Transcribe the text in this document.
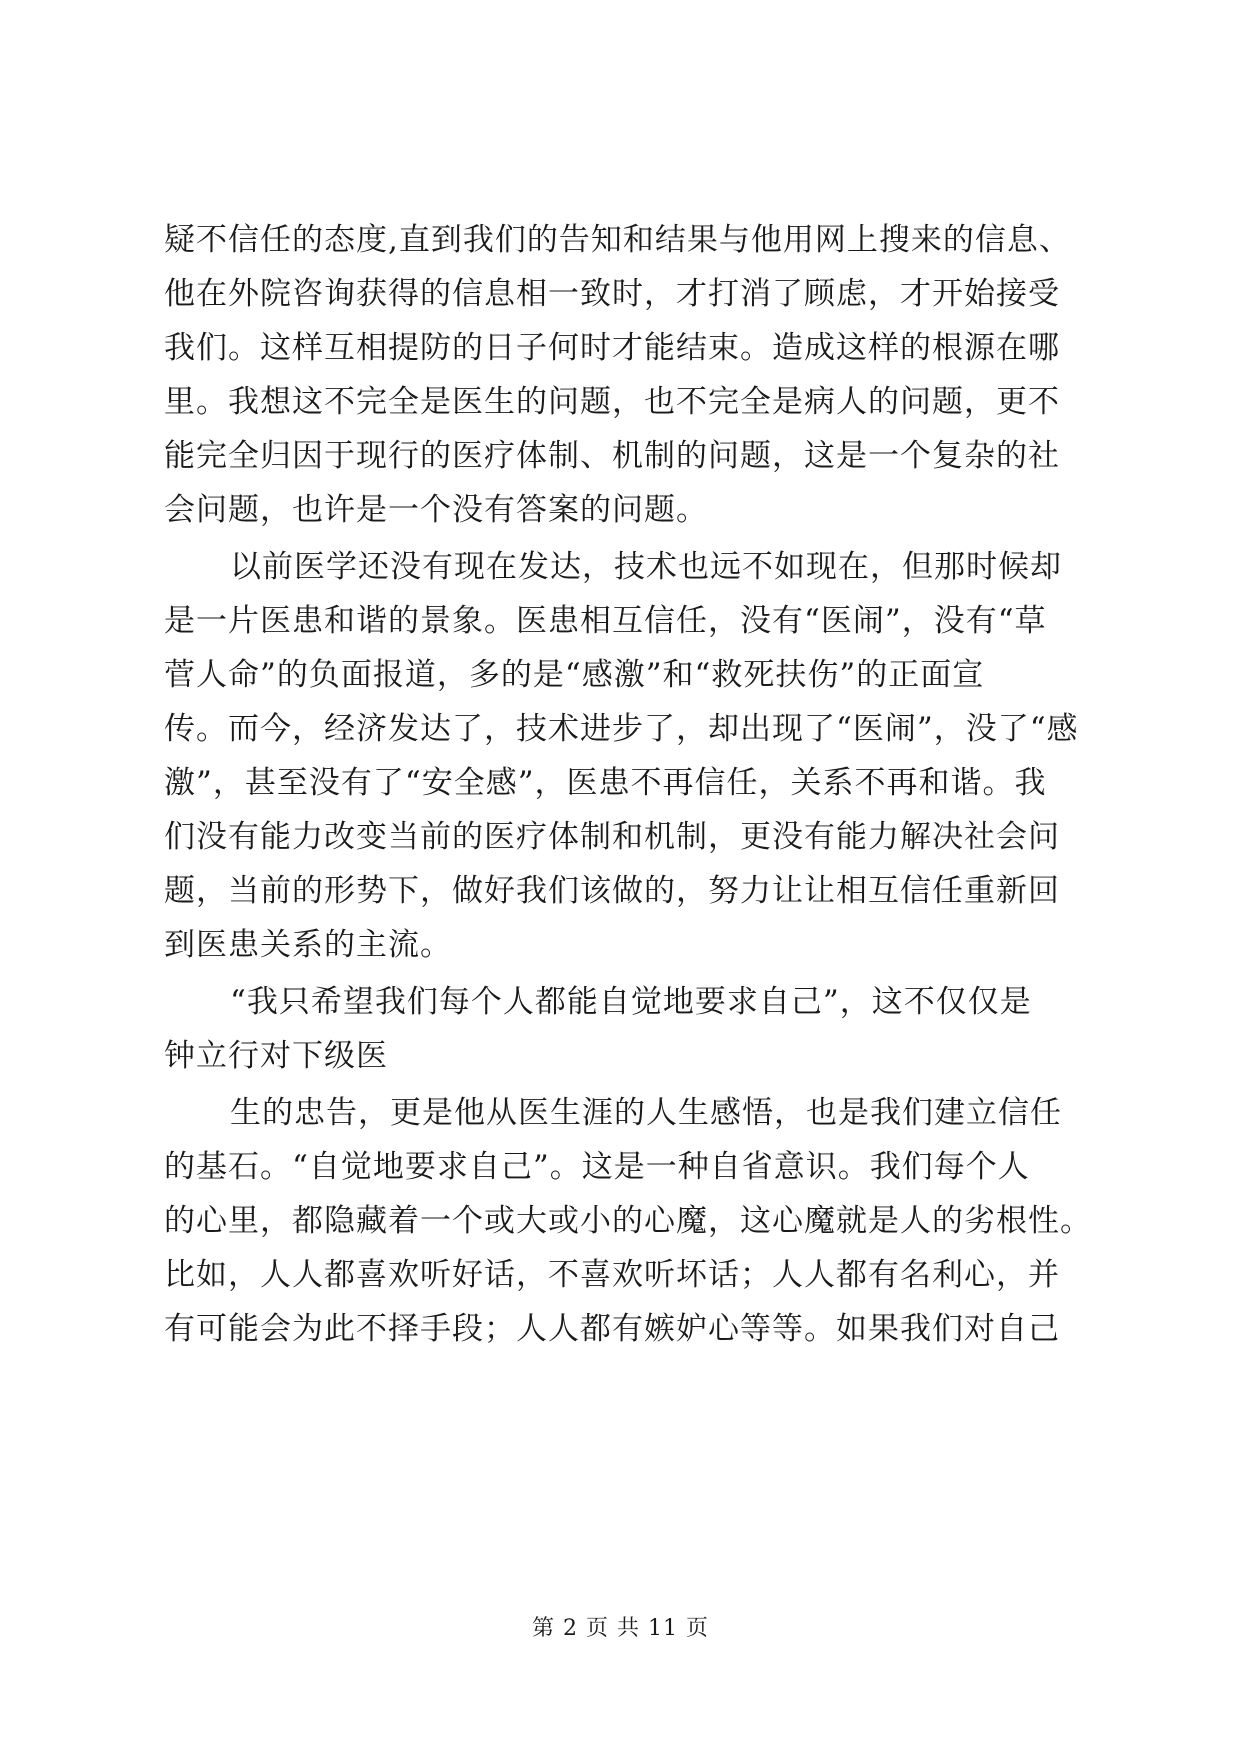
疑不信任的态度,直到我们的告知和结果与他用网上搜来的信息、
他在外院咨询获得的信息相一致时，才打消了顾虑，才开始接受
我们。这样互相提防的日子何时才能结束。造成这样的根源在哪
里。我想这不完全是医生的问题，也不完全是病人的问题，更不
能完全归因于现行的医疗体制、机制的问题，这是一个复杂的社
会问题，也许是一个没有答案的问题。
以前医学还没有现在发达，技术也远不如现在，但那时候却
是一片医患和谐的景象。医患相互信任，没有“医闹”，没有“草
菅人命”的负面报道，多的是“感激”和“救死扶伤”的正面宣
传。而今，经济发达了，技术进步了，却出现了“医闹”，没了“感
激”，甚至没有了“安全感”，医患不再信任，关系不再和谐。我
们没有能力改变当前的医疗体制和机制，更没有能力解决社会问
题，当前的形势下，做好我们该做的，努力让让相互信任重新回
到医患关系的主流。
“我只希望我们每个人都能自觉地要求自己”，这不仅仅是
钟立行对下级医
生的忠告，更是他从医生涯的人生感悟，也是我们建立信任
的基石。“自觉地要求自己”。这是一种自省意识。我们每个人
的心里，都隐藏着一个或大或小的心魔，这心魔就是人的劣根性。
比如，人人都喜欢听好话，不喜欢听坏话；人人都有名利心，并
有可能会为此不择手段；人人都有嫉妒心等等。如果我们对自己
第 2 页 共 11 页
